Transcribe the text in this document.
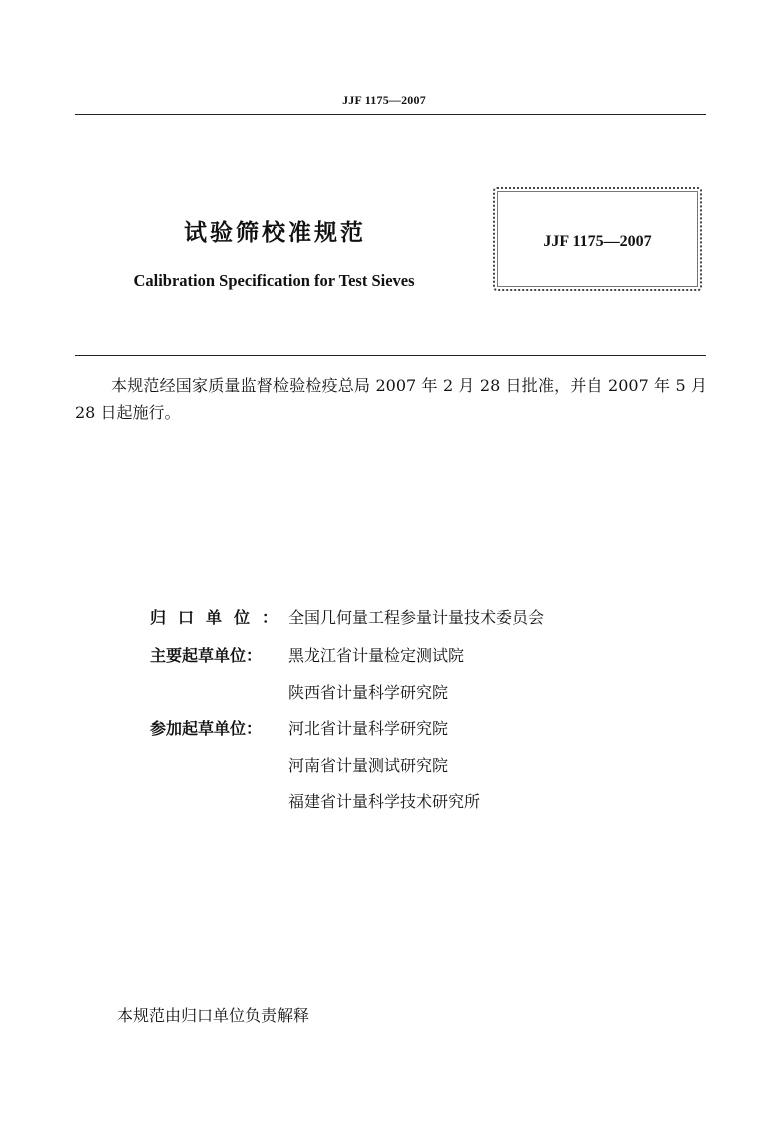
JJF 1175—2007
试验筛校准规范
Calibration Specification for Test Sieves
JJF 1175—2007
本规范经国家质量监督检验检疫总局 2007 年 2 月 28 日批准，并自 2007 年 5 月 28 日起施行。
归口单位：
全国几何量工程参量计量技术委员会
主要起草单位：	黑龙江省计量检定测试院
陕西省计量科学研究院
参加起草单位：	河北省计量科学研究院
河南省计量测试研究院
福建省计量科学技术研究所
本规范由归口单位负责解释
